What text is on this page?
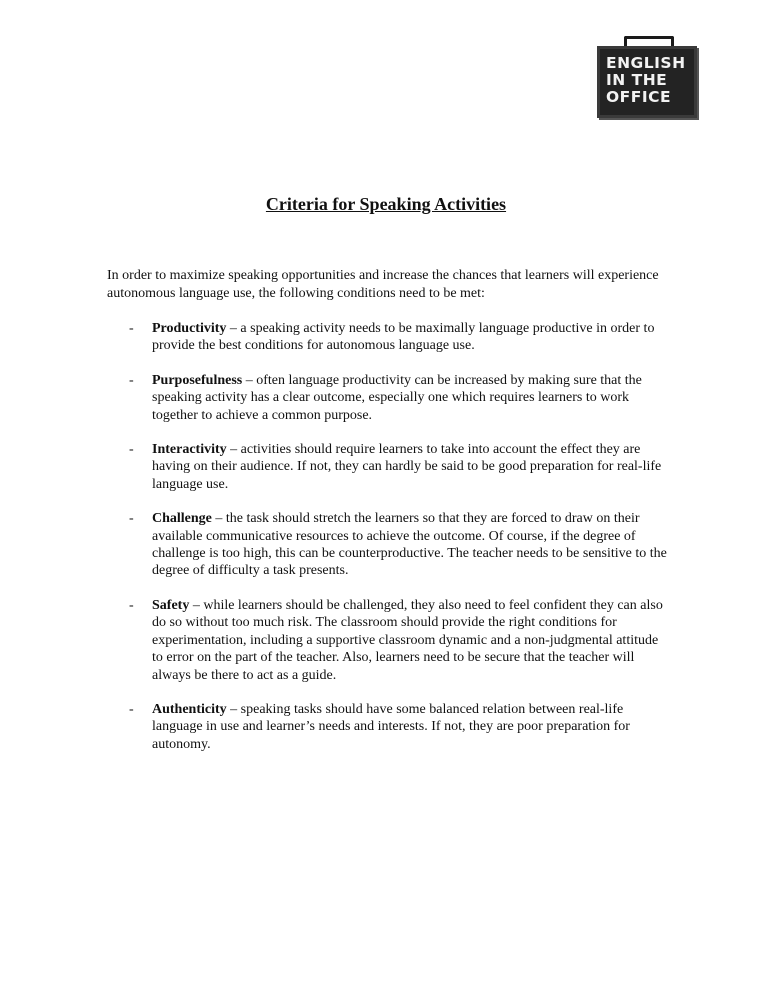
ENGLISH
IN THE
OFFICE
Criteria for Speaking Activities

In order to maximize speaking opportunities and increase the chances that learners will experience autonomous language use, the following conditions need to be met:

- Productivity – a speaking activity needs to be maximally language productive in order to provide the best conditions for autonomous language use.
- Purposefulness – often language productivity can be increased by making sure that the speaking activity has a clear outcome, especially one which requires learners to work together to achieve a common purpose.
- Interactivity – activities should require learners to take into account the effect they are having on their audience. If not, they can hardly be said to be good preparation for real-life language use.
- Challenge – the task should stretch the learners so that they are forced to draw on their available communicative resources to achieve the outcome. Of course, if the degree of challenge is too high, this can be counterproductive. The teacher needs to be sensitive to the degree of difficulty a task presents.
- Safety – while learners should be challenged, they also need to feel confident they can also do so without too much risk. The classroom should provide the right conditions for experimentation, including a supportive classroom dynamic and a non-judgmental attitude to error on the part of the teacher. Also, learners need to be secure that the teacher will always be there to act as a guide.
- Authenticity – speaking tasks should have some balanced relation between real-life language in use and learner’s needs and interests. If not, they are poor preparation for autonomy.
